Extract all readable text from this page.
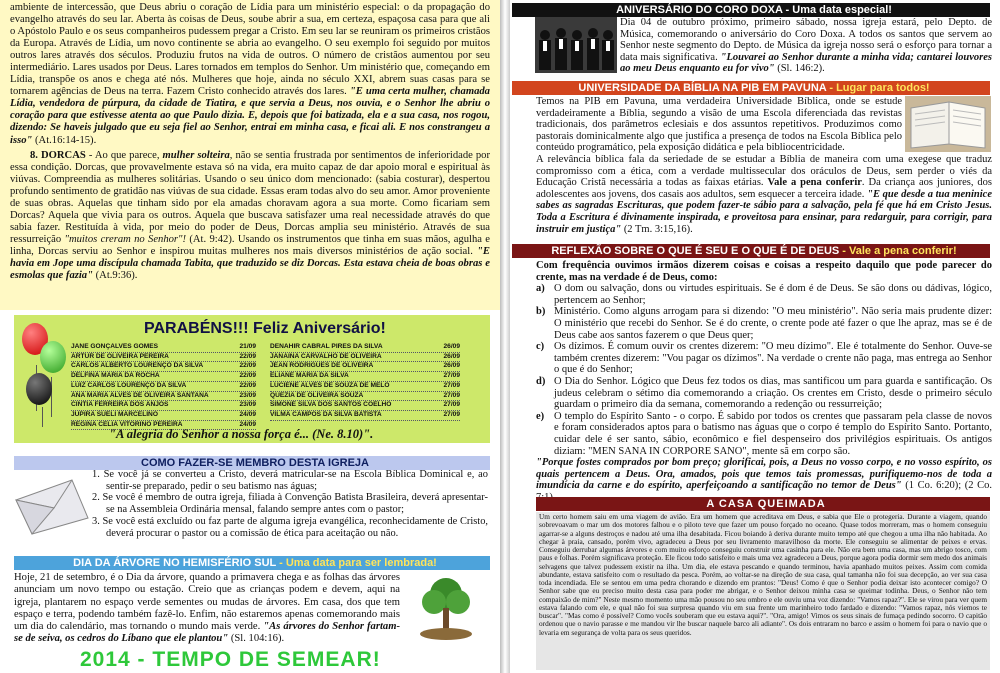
ambiente de intercessão, que Deus abriu o coração de Lídia para um ministério especial: o da propagação do evangelho através do seu lar. Aberta às coisas de Deus, soube abrir a sua, em certeza, espaçosa casa para que ali o Apóstolo Paulo e os seus companheiros pudessem pregar a Cristo. Em seu lar se reuniram os primeiros cristãos da Europa. Através de Lídia, um novo continente se abria ao evangelho. O seu exemplo foi seguido por muitos outros lares através dos séculos. Produziu frutos na vida de outros. O número de cristãos aumentou por seu intermediário. Lares usados por Deus. Lares tornados em templos do Senhor. Um ministério que, começando em Lídia, transpõe os anos e chega até nós. Mulheres que hoje, ainda no século XXI, abrem suas casas para se tornarem agências de Deus na terra. Fazem Cristo conhecido através dos lares. "E uma certa mulher, chamada Lídia, vendedora de púrpura, da cidade de Tiatira, e que servia a Deus, nos ouvia, e o Senhor lhe abriu o coração para que estivesse atenta ao que Paulo dizia. E, depois que foi batizada, ela e a sua casa, nos rogou, dizendo: Se haveis julgado que eu seja fiel ao Senhor, entrai em minha casa, e ficai ali. E nos constrangeu a isso" (At.16:14-15).

8. DORCAS - Ao que parece, mulher solteira, não se sentia frustrada por sentimentos de inferioridade por essa condição. Dorcas, que provavelmente estava só na vida, era muito capaz de dar apoio moral e espiritual às viúvas. Compreendia as mulheres solitárias. Usando o seu único dom mencionado: (sabia costurar), despertou profundo sentimento de gratidão nas viúvas de sua cidade. Essas eram todas alvo do seu amor. Amor proveniente de suas obras. Aquelas que tinham sido por ela amadas choravam agora a sua morte. Como ficariam sem Dorcas? Aquela que vivia para os outros. Aquela que buscava satisfazer uma real necessidade através do que sabia fazer. Restituída à vida, por meio do poder de Deus, Dorcas amplia seu ministério. Através de sua ressurreição "muitos creram no Senhor"! (At. 9:42). Usando os instrumentos que tinha em suas mãos, agulha e linha, Dorcas serviu ao Senhor e inspirou muitas mulheres nos mais diversos ministérios de ação social. "E havia em Jope uma discípula chamada Tabita, que traduzido se diz Dorcas. Esta estava cheia de boas obras e esmolas que fazia" (At.9:36).

PARABÉNS!!! Feliz Aniversário!
JANE GONÇALVES GOMES	21/09
ARTUR DE OLIVEIRA PEREIRA	22/09
CARLOS ALBERTO LOURENÇO DA SILVA	22/09
DELFINA MARIA DA ROCHA	22/09
LUIZ CARLOS LOURENÇO DA SILVA	22/09
ANA MARIA ALVES DE OLIVEIRA SANTANA	23/09
CINTIA FERREIRA DOS ANJOS	23/09
JUPIRA SUELI MARCELINO	24/09
REGINA CELIA VITORINO PEREIRA	24/09
DENAHIR CABRAL PIRES DA SILVA	26/09
JANAINA CARVALHO DE OLIVEIRA	26/09
JEAN RODRIGUES DE OLIVEIRA	26/09
ELIANE MARIA DA SILVA	27/09
LUCIENE ALVES DE SOUZA DE MELO	27/09
QUEZIA DE OLIVEIRA SOUZA	27/09
SIMONE SILVA DOS SANTOS COELHO	27/09
VILMA CAMPOS DA SILVA BATISTA	27/09
"A alegria do Senhor a nossa força é... (Ne. 8.10)".
COMO FAZER-SE MEMBRO DESTA IGREJA
1. Se você já se converteu a Cristo, deverá matricular-se na Escola Bíblica Dominical e, ao sentir-se preparado, pedir o seu batismo nas águas;
2. Se você é membro de outra igreja, filiada à Convenção Batista Brasileira, deverá apresentar-se na Assembleia Ordinária mensal, falando sempre antes com o pastor;
3. Se você está excluído ou faz parte de alguma igreja evangélica, reconhecidamente de Cristo, deverá procurar o pastor ou a comissão de ética para aceitação ou não.
DIA DA ÁRVORE NO HEMISFÉRIO SUL - Uma data para ser lembrada!
Hoje, 21 de setembro, é o Dia da árvore, quando a primavera chega e as folhas das árvores anunciam um novo tempo ou estação. Creio que as crianças podem e devem, aqui na igreja, plantarem no espaço verde sementes ou mudas de árvores. Em casa, dos que tem espaço e terra, podendo também fazê-lo. Enfim, não estaremos apenas comemorando mais um dia do calendário, mas tornando o mundo mais verde. "As árvores do Senhor fartam-se de seiva, os cedros do Líbano que ele plantou" (Sl. 104:16).
2014 - TEMPO DE SEMEAR!
ANIVERSÁRIO DO CORO DOXA - Uma data especial!
Dia 04 de outubro próximo, primeiro sábado, nossa igreja estará, pelo Depto. de Música, comemorando o aniversário do Coro Doxa. A todos os santos que servem ao Senhor neste segmento do Depto. de Música da igreja nosso será o esforço para tornar a data mais significativa. "Louvarei ao Senhor durante a minha vida; cantarei louvores ao meu Deus enquanto eu for vivo" (Sl. 146:2).
UNIVERSIDADE DA BÍBLIA NA PIB EM PAVUNA - Lugar para todos!

Temos na PIB em Pavuna, uma verdadeira Universidade Bíblica, onde se estude verdadeiramente a Bíblia, segundo a visão de uma Escola diferenciada das revistas tradicionais, dos parâmetros eclesiais e dos assuntos repetitivos. Produzimos como pastorais dominicalmente algo que justifica a presença de todos na Escola Bíblica pelo conteúdo programático, pela exposição didática e pela bibliocentricidade.

A relevância bíblica fala da seriedade de se estudar a Bíblia de maneira com uma exegese que traduz compromisso com a ética, com a verdade multissecular dos oráculos de Deus, sem perder o viés da Educação Cristã necessária a todas as faixas etárias. Vale a pena conferir. Da criança aos juniores, dos adolescentes aos jovens, dos casais aos adultos, sem esquecer a terceira idade. "E que desde a tua meninice sabes as sagradas Escrituras, que podem fazer-te sábio para a salvação, pela fé que há em Cristo Jesus. Toda a Escritura é divinamente inspirada, e proveitosa para ensinar, para redarguir, para corrigir, para instruir em justiça" (2 Tm. 3:15,16).

REFLEXÃO SOBRE O QUE É SEU E O QUE É DE DEUS - Vale a pena conferir!

Com frequência ouvimos irmãos dizerem coisas e coisas a respeito daquilo que pode parecer do crente, mas na verdade é de Deus, como:

a) O dom ou salvação, dons ou virtudes espirituais. Se é dom é de Deus. Se são dons ou dádivas, lógico, pertencem ao Senhor;
b) Ministério. Como alguns arrogam para si dizendo: "O meu ministério". Não seria mais prudente dizer: O ministério que recebi do Senhor. Se é do crente, o crente pode até fazer o que lhe apraz, mas se é de Deus cabe aos santos fazerem o que Deus quer;
c) Os dízimos. É comum ouvir os crentes dizerem: "O meu dízimo". Ele é totalmente do Senhor. Ouve-se também crentes dizerem: "Vou pagar os dízimos". Na verdade o crente não paga, mas entrega ao Senhor o que é do Senhor;
d) O Dia do Senhor. Lógico que Deus fez todos os dias, mas santificou um para guarda e santificação. Os judeus celebram o sétimo dia comemorando a criação. Os crentes em Cristo, desde o primeiro século guardam o primeiro dia da semana, comemorando a redenção ou ressurreição;
e) O templo do Espírito Santo - o corpo. É sabido por todos os crentes que passaram pela classe de novos e foram considerados aptos para o batismo nas águas que o corpo é templo do Espírito Santo. Portanto, cuidar dele é ser santo, sábio, econômico e fiel despenseiro dos privilégios espirituais. Os antigos diziam: "MEN SANA IN CORPORE SANO", mente sã em corpo são.

"Porque fostes comprados por bom preço; glorificai, pois, a Deus no vosso corpo, e no vosso espírito, os quais pertencem a Deus. Ora, amados, pois que temos tais promessas, purifiquemo-nos de toda a imundícia da carne e do espírito, aperfeiçoando a santificação no temor de Deus" (1 Co. 6:20); (2 Co.

A CASA QUEIMADA
Um certo homem saiu em uma viagem de avião. Era um homem que acreditava em Deus, e sabia que Ele o protegeria. Durante a viagem, quando sobrevoavam o mar um dos motores falhou e o piloto teve que fazer um pouso forçado no oceano. Quase todos morreram, mas o homem conseguiu agarrar-se a alguns destroços e nadou até uma ilha desabitada. Ficou boiando à deriva durante muito tempo até que chegou a uma ilha não habitada. Ao chegar à praia, cansado, porém vivo, agradeceu a Deus por seu livramento maravilhoso da morte. Ele conseguiu se alimentar de peixes e ervas. Conseguiu derrubar algumas árvores e com muito esforço conseguiu construir uma casinha para ele. Não era bem uma casa, mas um abrigo tosco, com paus e folhas. Porém significava proteção. Ele ficou todo satisfeito e mais uma vez agradeceu a Deus, porque agora podia dormir sem medo dos animais selvagens que talvez pudessem existir na ilha. Um dia, ele estava pescando e quando terminou, havia apanhado muitos peixes. Assim com comida abundante, estava satisfeito com o resultado da pesca. Porém, ao voltar-se na direção de sua casa, qual tamanha não foi sua decepção, ao ver sua casa toda incendiada. Ele se sentou em uma pedra chorando e dizendo em prantos: "Deus! Como é que o Senhor podia deixar isto acontecer comigo? O Senhor sabe que eu preciso muito desta casa para poder me abrigar, e o Senhor deixou minha casa se queimar todinha. Deus, o Senhor não tem compaixão de mim?" Neste mesmo momento uma mão pousou no seu ombro e ele ouviu uma voz dizendo: "Vamos rapaz?". Ele se virou para ver quem estava falando com ele, e qual não foi sua surpresa quando viu em sua frente um marinheiro todo fardado e dizendo: "Vamos rapaz, nós viemos te buscar". "Mas como é possível? Como vocês souberam que eu estava aqui?". "Ora, amigo! Vimos os seus sinais de fumaça pedindo socorro. O capitão ordenou que o navio parasse e me mandou vir lhe buscar naquele barco ali adiante". Os dois entraram no barco e assim o homem foi para o navio que o levaria em segurança de volta para os seus queridos.
